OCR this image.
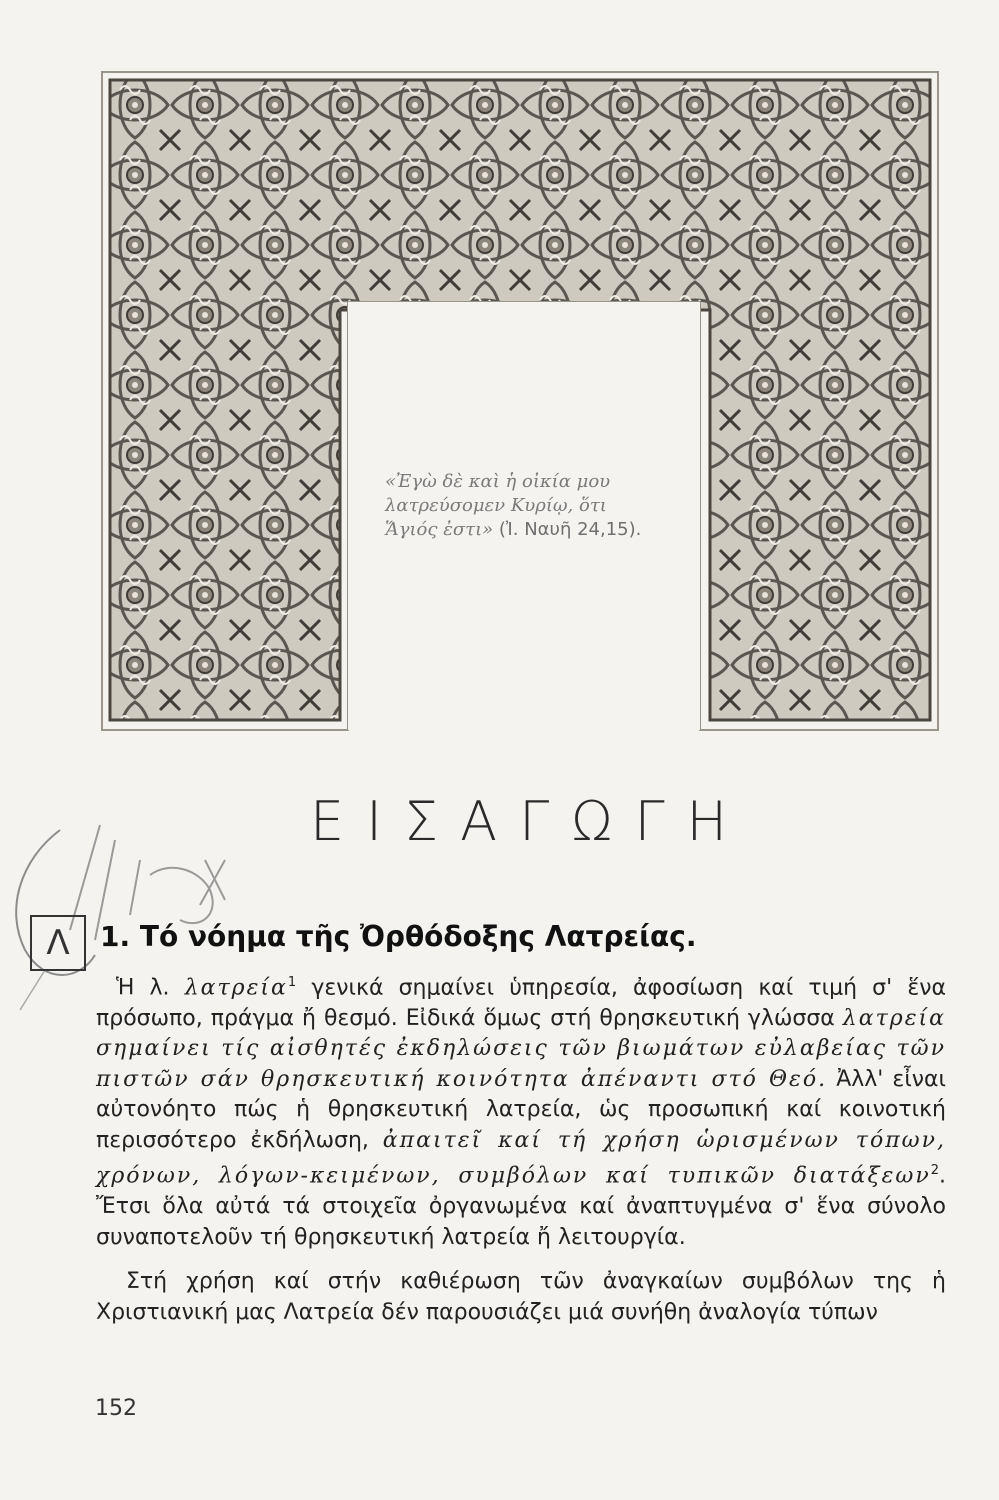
«Ἐγὼ δὲ καὶ ἡ οἰκία μου
λατρεύσομεν Κυρίῳ, ὅτι
Ἅγιός ἐστι» (Ἰ. Ναυῆ 24,15).
ΕΙΣΑΓΩΓΗ
Λ 1. Τό νόημα τῆς Ὀρθόδοξης Λατρείας.

Ἡ λ. λατρεία$^1$ γενικά σημαίνει ὑπηρεσία, ἀφοσίωση καί τιμή σ' ἕνα πρόσωπο, πράγμα ἤ θεσμό. Εἰδικά ὅμως στή θρησκευτική γλώσσα λατρεία σημαίνει τίς αἰσθητές ἐκδηλώσεις τῶν βιωμάτων εὐλαβείας τῶν πιστῶν σάν θρησκευτική κοινότητα ἀπέναντι στό Θεό. Ἀλλ' εἶναι αὐτονόητο πώς ἡ θρησκευτική λατρεία, ὡς προσωπική καί κοινοτική περισσότερο ἐκδήλωση, ἀπαιτεῖ καί τή χρήση ὡρισμένων τόπων, χρόνων, λόγων-κειμένων, συμβόλων καί τυπικῶν διατάξεων$^2$. Ἔτσι ὅλα αὐτά τά στοιχεῖα ὀργανωμένα καί ἀναπτυγμένα σ' ἕνα σύνολο συναποτελοῦν τή θρησκευτική λατρεία ἤ λειτουργία.

Στή χρήση καί στήν καθιέρωση τῶν ἀναγκαίων συμβόλων της ἡ Χριστιανική μας Λατρεία δέν παρουσιάζει μιά συνήθη ἀναλογία τύπων

152
